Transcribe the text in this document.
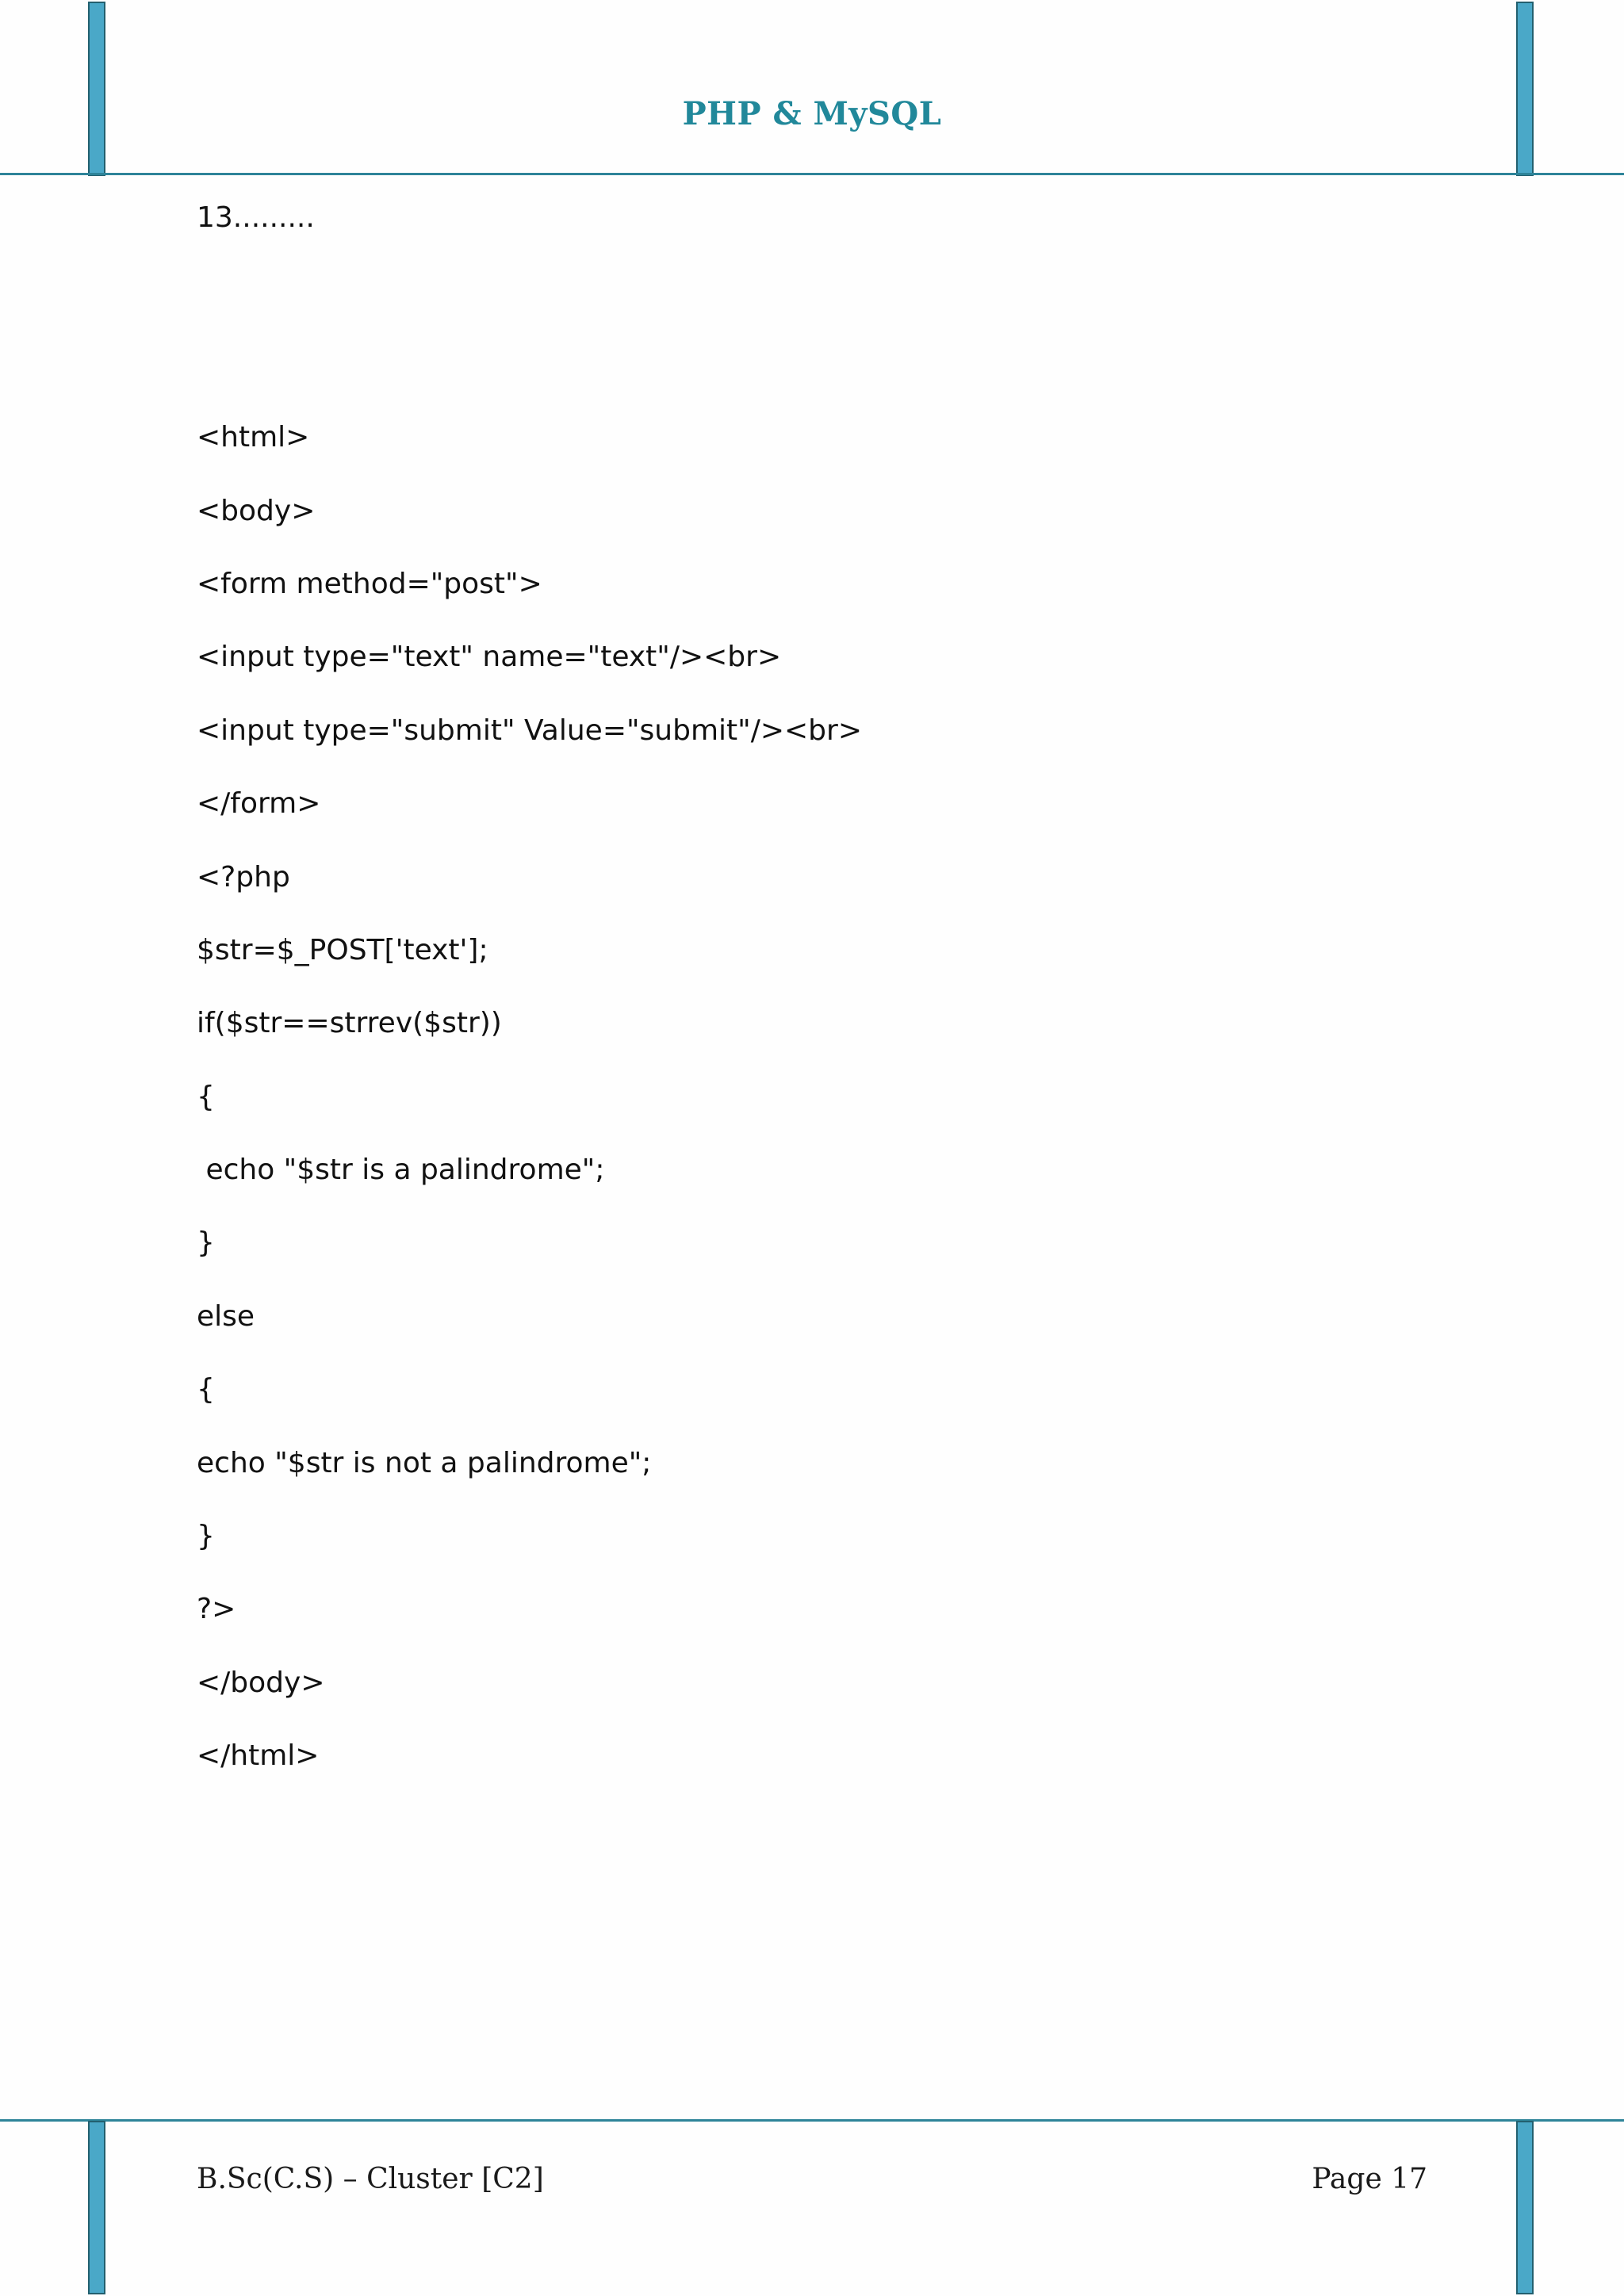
PHP & MySQL
13.........
<html>
<body>
<form method="post">
<input type="text" name="text"/><br>
<input type="submit" Value="submit"/><br>
</form>
<?php
$str=$_POST['text'];
if($str==strrev($str))
{
echo "$str is a palindrome";
}
else
{
echo "$str is not a palindrome";
}
?>
</body>
</html>
B.Sc(C.S) – Cluster [C2]	Page 17
